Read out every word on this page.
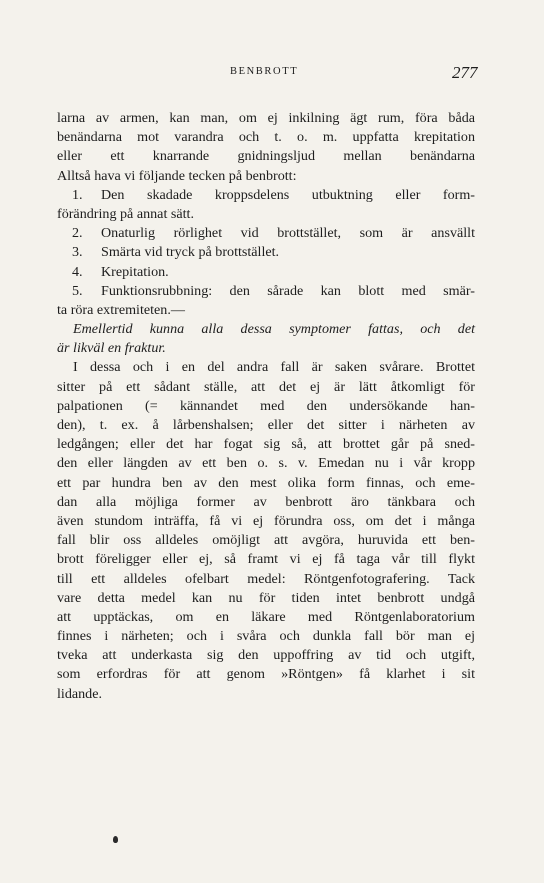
BENBROTT	277
larna av armen, kan man, om ej inkilning ägt rum, föra båda
benändarna mot varandra och t. o. m. uppfatta krepitation
eller ett knarrande gnidningsljud mellan benändarna
Alltså hava vi följande tecken på benbrott:
1. Den skadade kroppsdelens utbuktning eller form-
förändring på annat sätt.
2. Onaturlig rörlighet vid brottstället, som är ansvällt
3. Smärta vid tryck på brottstället.
4. Krepitation.
5. Funktionsrubbning: den sårade kan blott med smär-
ta röra extremiteten.—
Emellertid kunna alla dessa symptomer fattas, och det
är likväl en fraktur.
I dessa och i en del andra fall är saken svårare. Brottet
sitter på ett sådant ställe, att det ej är lätt åtkomligt för
palpationen (= kännandet med den undersökande han-
den), t. ex. å lårbenshalsen; eller det sitter i närheten av
ledgången; eller det har fogat sig så, att brottet går på sned-
den eller längden av ett ben o. s. v. Emedan nu i vår kropp
ett par hundra ben av den mest olika form finnas, och eme-
dan alla möjliga former av benbrott äro tänkbara och
även stundom inträffa, få vi ej förundra oss, om det i många
fall blir oss alldeles omöjligt att avgöra, huruvida ett ben-
brott föreligger eller ej, så framt vi ej få taga vår till flykt
till ett alldeles ofelbart medel: Röntgenfotografering. Tack
vare detta medel kan nu för tiden intet benbrott undgå
att upptäckas, om en läkare med Röntgenlaboratorium
finnes i närheten; och i svåra och dunkla fall bör man ej
tveka att underkasta sig den uppoffring av tid och utgift,
som erfordras för att genom »Röntgen» få klarhet i sit
lidande.
